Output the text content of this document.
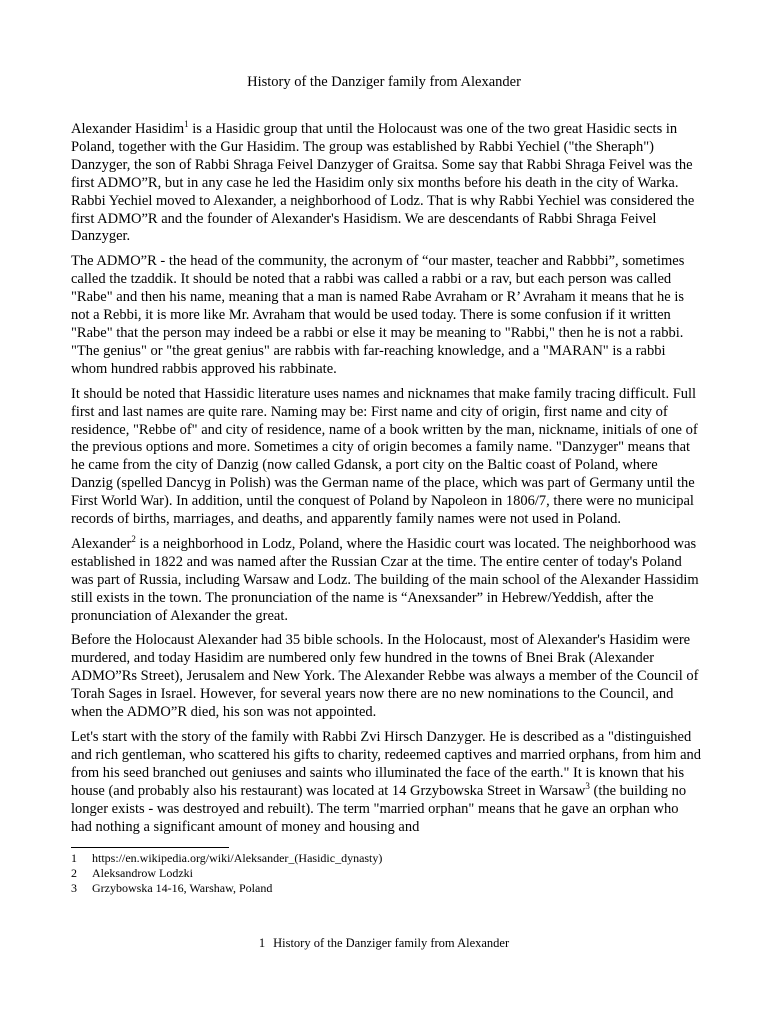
History of the Danziger family from Alexander

Alexander Hasidim$^1$ is a Hasidic group that until the Holocaust was one of the two great Hasidic sects in Poland, together with the Gur Hasidim. The group was established by Rabbi Yechiel ("the Sheraph") Danzyger, the son of Rabbi Shraga Feivel Danzyger of Graitsa. Some say that Rabbi Shraga Feivel was the first ADMO”R, but in any case he led the Hasidim only six months before his death in the city of Warka. Rabbi Yechiel moved to Alexander, a neighborhood of Lodz. That is why Rabbi Yechiel was considered the first ADMO”R and the founder of Alexander's Hasidism. We are descendants of Rabbi Shraga Feivel Danzyger.

The ADMO”R - the head of the community, the acronym of “our master, teacher and Rabbbi”, sometimes called the tzaddik. It should be noted that a rabbi was called a rabbi or a rav, but each person was called "Rabe" and then his name, meaning that a man is named Rabe Avraham or R’ Avraham it means that he is not a Rebbi, it is more like Mr. Avraham that would be used today. There is some confusion if it written "Rabe" that the person may indeed be a rabbi or else it may be meaning to "Rabbi," then he is not a rabbi. "The genius" or "the great genius" are rabbis with far-reaching knowledge, and a "MARAN" is a rabbi whom hundred rabbis approved his rabbinate.

It should be noted that Hassidic literature uses names and nicknames that make family tracing difficult. Full first and last names are quite rare. Naming may be: First name and city of origin, first name and city of residence, "Rebbe of" and city of residence, name of a book written by the man, nickname, initials of one of the previous options and more. Sometimes a city of origin becomes a family name. "Danzyger" means that he came from the city of Danzig (now called Gdansk, a port city on the Baltic coast of Poland, where Danzig (spelled Dancyg in Polish) was the German name of the place, which was part of Germany until the First World War). In addition, until the conquest of Poland by Napoleon in 1806/7, there were no municipal records of births, marriages, and deaths, and apparently family names were not used in Poland.

Alexander$^2$ is a neighborhood in Lodz, Poland, where the Hasidic court was located. The neighborhood was established in 1822 and was named after the Russian Czar at the time. The entire center of today's Poland was part of Russia, including Warsaw and Lodz. The building of the main school of the Alexander Hassidim still exists in the town. The pronunciation of the name is “Anexsander” in Hebrew/Yeddish, after the pronunciation of Alexander the great.

Before the Holocaust Alexander had 35 bible schools. In the Holocaust, most of Alexander's Hasidim were murdered, and today Hasidim are numbered only few hundred in the towns of Bnei Brak (Alexander ADMO”Rs Street), Jerusalem and New York. The Alexander Rebbe was always a member of the Council of Torah Sages in Israel. However, for several years now there are no new nominations to the Council, and when the ADMO”R died, his son was not appointed.

Let's start with the story of the family with Rabbi Zvi Hirsch Danzyger. He is described as a "distinguished and rich gentleman, who scattered his gifts to charity, redeemed captives and married orphans, from him and from his seed branched out geniuses and saints who illuminated the face of the earth." It is known that his house (and probably also his restaurant) was located at 14 Grzybowska Street in Warsaw$^3$ (the building no longer exists - was destroyed and rebuilt). The term "married orphan" means that he gave an orphan who had nothing a significant amount of money and housing and

1	https://en.wikipedia.org/wiki/Aleksander_(Hasidic_dynasty)
2	Aleksandrow Lodzki
3	Grzybowska 14-16, Warshaw, Poland
1 History of the Danziger family from Alexander
